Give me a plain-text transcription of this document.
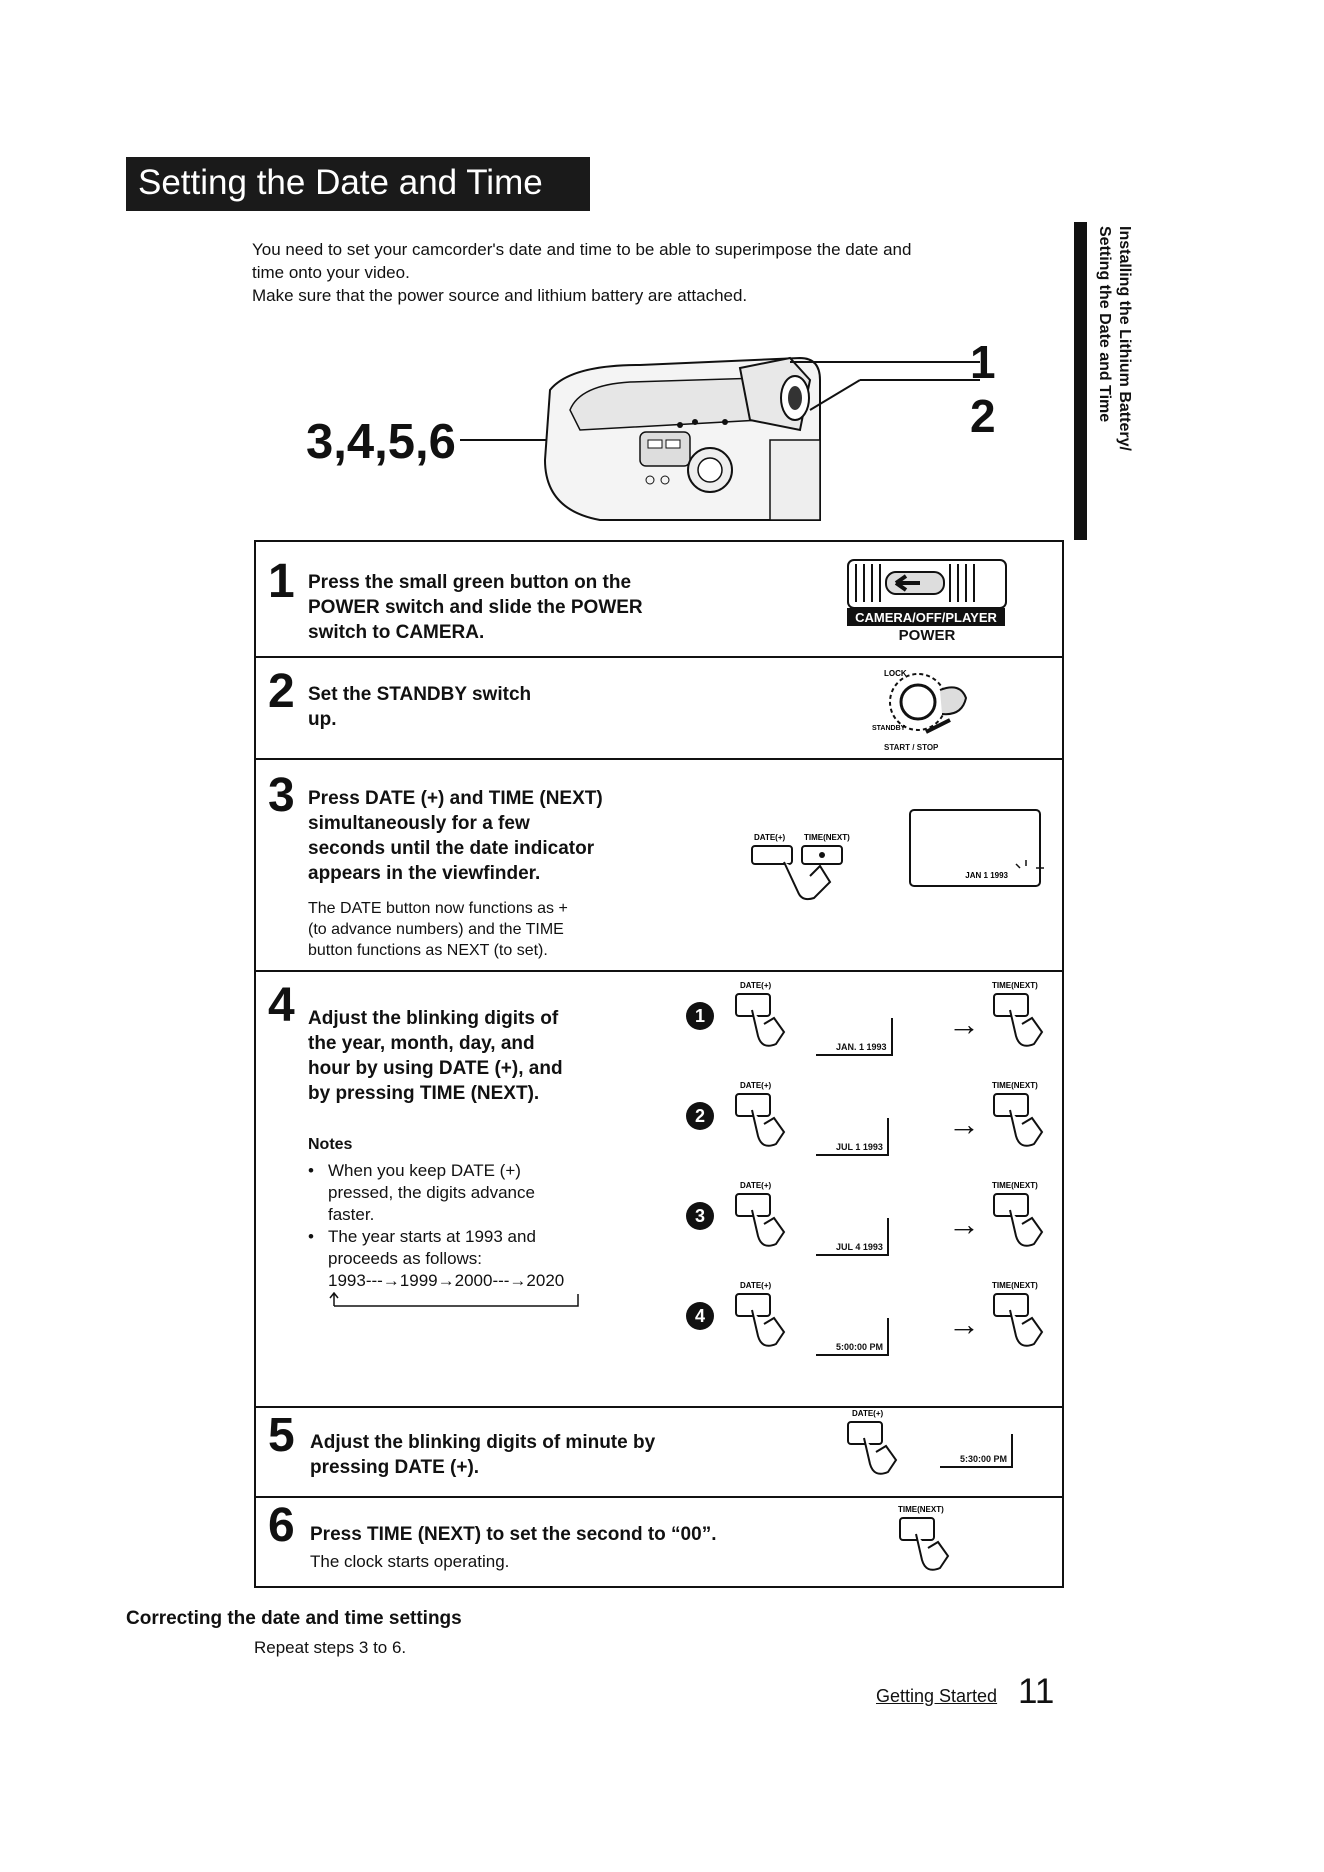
Setting the Date and Time

You need to set your camcorder's date and time to be able to superimpose the date and

time onto your video.

Make sure that the power source and lithium battery are attached.	Installing the Lithium Battery/
Setting the Date and Time
3,4,5,6
1
2
1 Press the small green button on the
POWER switch and slide the POWER
switch to CAMERA.
CAMERA/OFF/PLAYER
POWER
2 Set the STANDBY switch
up.
LOCK
STANDBY
START / STOP
3 Press DATE (+) and TIME (NEXT)
simultaneously for a few
seconds until the date indicator
appears in the viewfinder.
The DATE button now functions as +
(to advance numbers) and the TIME
button functions as NEXT (to set).
DATE(+) TIME(NEXT)
JAN 1 1993
4 Adjust the blinking digits of
the year, month, day, and
hour by using DATE (+), and
by pressing TIME (NEXT).
Notes
• When you keep DATE (+)
pressed, the digits advance
faster.
• The year starts at 1993 and
proceeds as follows:
1993---→1999→2000---→2020
1
DATE(+)
JAN. 1 1993
→
TIME(NEXT)
2
DATE(+)
JUL 1 1993
→
TIME(NEXT)
3
DATE(+)
JUL 4 1993
→
TIME(NEXT)
4
DATE(+)
5:00:00 PM
→
TIME(NEXT)
5 Adjust the blinking digits of minute by
pressing DATE (+).
DATE(+)
5:30:00 PM
6 Press TIME (NEXT) to set the second to “00”.
The clock starts operating.
TIME(NEXT)
Correcting the date and time settings
Repeat steps 3 to 6.
Getting Started 11
